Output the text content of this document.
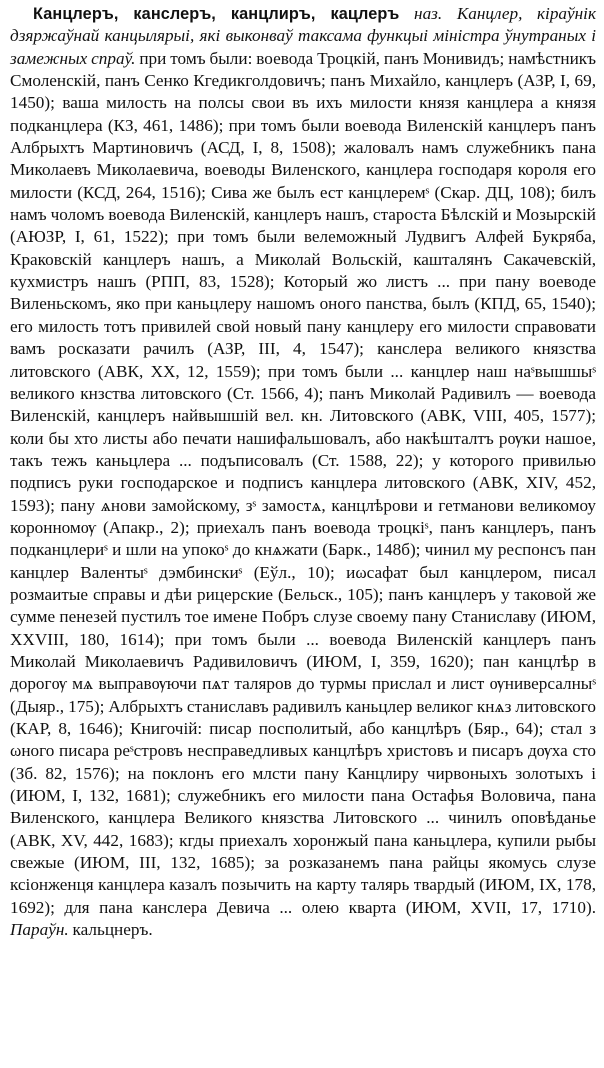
Канцлеръ, канслеръ, канцлиръ, кацлеръ наз. Канцлер, кіраўнік дзяржаўнай канцылярыі, які выконваў таксама функцыі міністра ўнутраных і замежных спраў. при томъ были: воевода Троцкій, панъ Монивидъ; намѣстникъ Смоленскій, панъ Сенко Кгедикголдовичъ; панъ Михайло, канцлеръ (АЗР, I, 69, 1450); ваша милость на полсы свои въ ихъ милости князя канцлера а князя подканцлера (КЗ, 461, 1486); при томъ были воевода Виленскій канцлеръ панъ Албрыхтъ Мартиновичъ (АСД, I, 8, 1508); жаловалъ намъ служебникъ пана Миколаевъ Миколаевича, воеводы Виленского, канцлера господаря короля его милости (КСД, 264, 1516); Сива же былъ ест канцлеремˢ (Скар. ДЦ, 108); билъ намъ чоломъ воевода Виленскій, канцлеръ нашъ, староста Бѣлскій и Мозырскій (АЮЗР, I, 61, 1522); при томъ были велеможный Лудвигъ Алфей Букряба, Краковскій канцлеръ нашъ, а Миколай Вольскій, кашталянъ Сакачевскій, кухмистръ нашъ (РПП, 83, 1528); Который жо листъ ... при пану воеводе Виленьскомъ, яко при каньцлеру нашомъ оного панства, былъ (КПД, 65, 1540); его милость тотъ привилей свой новый пану канцлеру его милости справовати вамъ росказати рачилъ (АЗР, III, 4, 1547); канслера великого князства литовского (АВК, XX, 12, 1559); при томъ были ... канцлер наш наˢвышшыˢ великого кнзства литовского (Ст. 1566, 4); панъ Миколай Радивилъ — воевода Виленскій, канцлеръ найвышшій вел. кн. Литовского (АВК, VIII, 405, 1577); коли бы хто листы або печати нашифальшовалъ, або накѣшталтъ рѹки нашое, такъ тежъ каньцлера ... подъписовалъ (Ст. 1588, 22); у которого привилью подписъ руки господарское и подписъ канцлера литовского (АВК, XIV, 452, 1593); пану ѧнови замойскому, зˢ замостѧ, канцлѣрови и гетманови великомоу коронномѹ (Апакр., 2); приехалъ панъ воевода троцкiˢ, панъ канцлеръ, панъ подканцлериˢ и шли на упокоˢ до кнѧжати (Барк., 148б); чинил му респонсъ пан канцлер Валентыˢ дэмбинскиˢ (Еўл., 10); иωсафат был канцлером, писал розмаитые справы и дѣи рицерские (Бельск., 105); панъ канцлеръ у таковой же сумме пенезей пустилъ тое имене Побръ слузе своему пану Станиславу (ИЮМ, XXVIII, 180, 1614); при томъ были ... воевода Виленскій канцлеръ панъ Миколай Миколаевичъ Радивиловичъ (ИЮМ, I, 359, 1620); пан канцлѣр в дорогѹ мѧ выправѹючи пѧт таляров до турмы прислал и лист ѹниверсалныˢ (Дыяр., 175); Албрыхтъ станиславъ радивилъ каньцлер великог кнѧз литовского (КАР, 8, 1646); Книгочій: писар посполитый, або канцлѣръ (Бяр., 64); стал з ωного писара реˢстровъ несправедливых канцлѣръ христовъ и писаръ дѹха сто (Зб. 82, 1576); на поклонъ его млсти пану Канцлиру чирвоныхъ золотыхъ і (ИЮМ, I, 132, 1681); служебникъ его милости пана Остафья Воловича, пана Виленского, канцлера Великого князства Литовского ... чинилъ оповѣданье (АВК, XV, 442, 1683); кгды приехалъ хоронжый пана каньцлера, купили рыбы свежые (ИЮМ, III, 132, 1685); за розказанемъ пана райцы якомусь слузе ксіонженця канцлера казалъ позычить на карту талярь твардый (ИЮМ, IX, 178, 1692); для пана канслера Девича ... олею кварта (ИЮМ, XVII, 17, 1710). Параўн. кальцнеръ.
